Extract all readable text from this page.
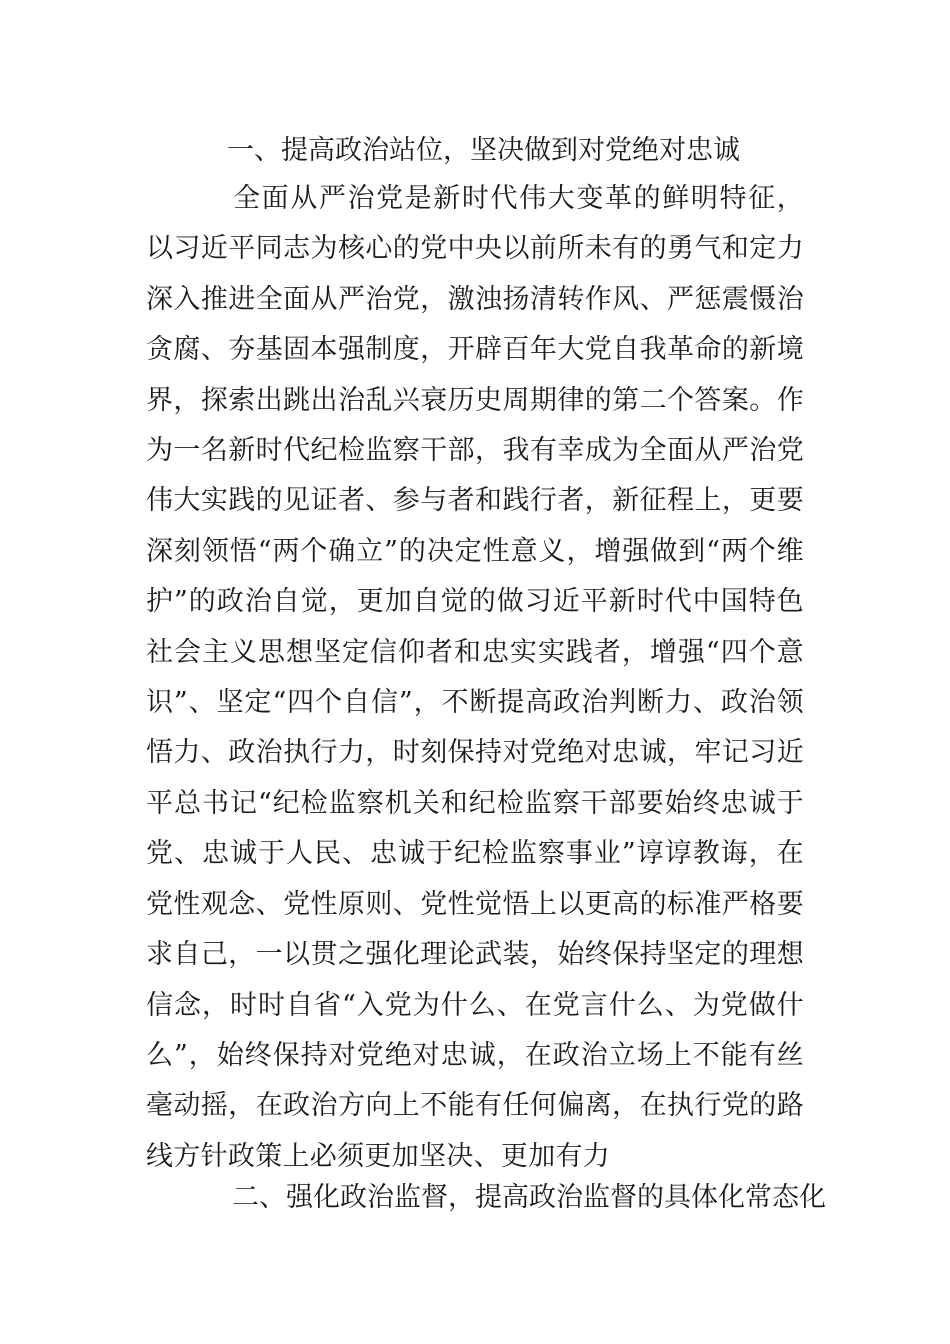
一、提高政治站位，坚决做到对党绝对忠诚

全面从严治党是新时代伟大变革的鲜明特征，以习近平同志为核心的党中央以前所未有的勇气和定力深入推进全面从严治党，激浊扬清转作风、严惩震慑治贪腐、夯基固本强制度，开辟百年大党自我革命的新境界，探索出跳出治乱兴衰历史周期律的第二个答案。作为一名新时代纪检监察干部，我有幸成为全面从严治党伟大实践的见证者、参与者和践行者，新征程上，更要深刻领悟“两个确立”的决定性意义，增强做到“两个维护”的政治自觉，更加自觉的做习近平新时代中国特色社会主义思想坚定信仰者和忠实实践者，增强“四个意识”、坚定“四个自信”，不断提高政治判断力、政治领悟力、政治执行力，时刻保持对党绝对忠诚，牢记习近平总书记“纪检监察机关和纪检监察干部要始终忠诚于党、忠诚于人民、忠诚于纪检监察事业”谆谆教诲，在党性观念、党性原则、党性觉悟上以更高的标准严格要求自己，一以贯之强化理论武装，始终保持坚定的理想信念，时时自省“入党为什么、在党言什么、为党做什么”，始终保持对党绝对忠诚，在政治立场上不能有丝毫动摇，在政治方向上不能有任何偏离，在执行党的路线方针政策上必须更加坚决、更加有力

二、强化政治监督，提高政治监督的具体化常态化
